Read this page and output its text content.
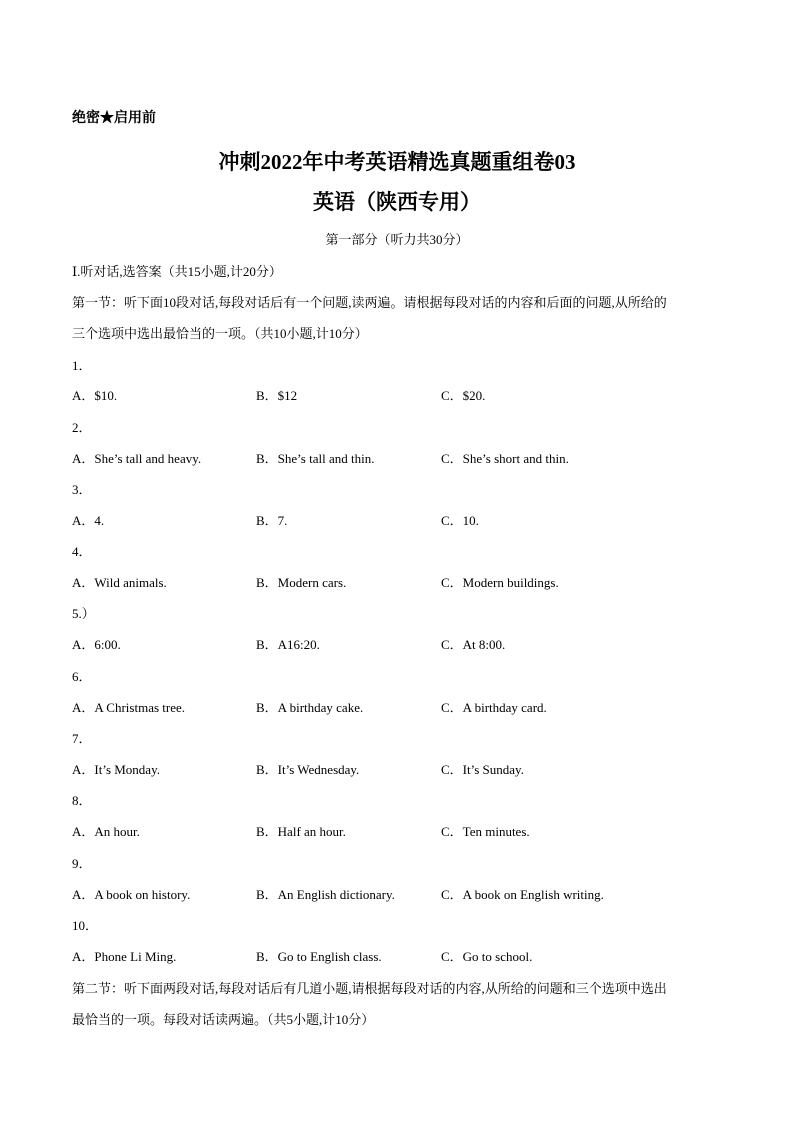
绝密★启用前
冲刺2022年中考英语精选真题重组卷03
英语（陕西专用）
第一部分（听力共30分）
Ⅰ.听对话,选答案（共15小题,计20分）
第一节：听下面10段对话,每段对话后有一个问题,读两遍。请根据每段对话的内容和后面的问题,从所给的
三个选项中选出最恰当的一项。（共10小题,计10分）
1．
A．$10.	B．$12	C．$20.
2．
A．She’s tall and heavy.	B．She’s tall and thin.	C．She’s short and thin.
3．
A．4.	B．7.	C．10.
4．
A．Wild animals.	B．Modern cars.	C．Modern buildings.
5.）
A．6:00.	B．A16:20.	C．At 8:00.
6．
A．A Christmas tree.	B．A birthday cake.	C．A birthday card.
7．
A．It’s Monday.	B．It’s Wednesday.	C．It’s Sunday.
8．
A．An hour.	B．Half an hour.	C．Ten minutes.
9．
A．A book on history.	B．An English dictionary.	C．A book on English writing.
10．
A．Phone Li Ming.	B．Go to English class.	C．Go to school.
第二节：听下面两段对话,每段对话后有几道小题,请根据每段对话的内容,从所给的问题和三个选项中选出
最恰当的一项。每段对话读两遍。（共5小题,计10分）
